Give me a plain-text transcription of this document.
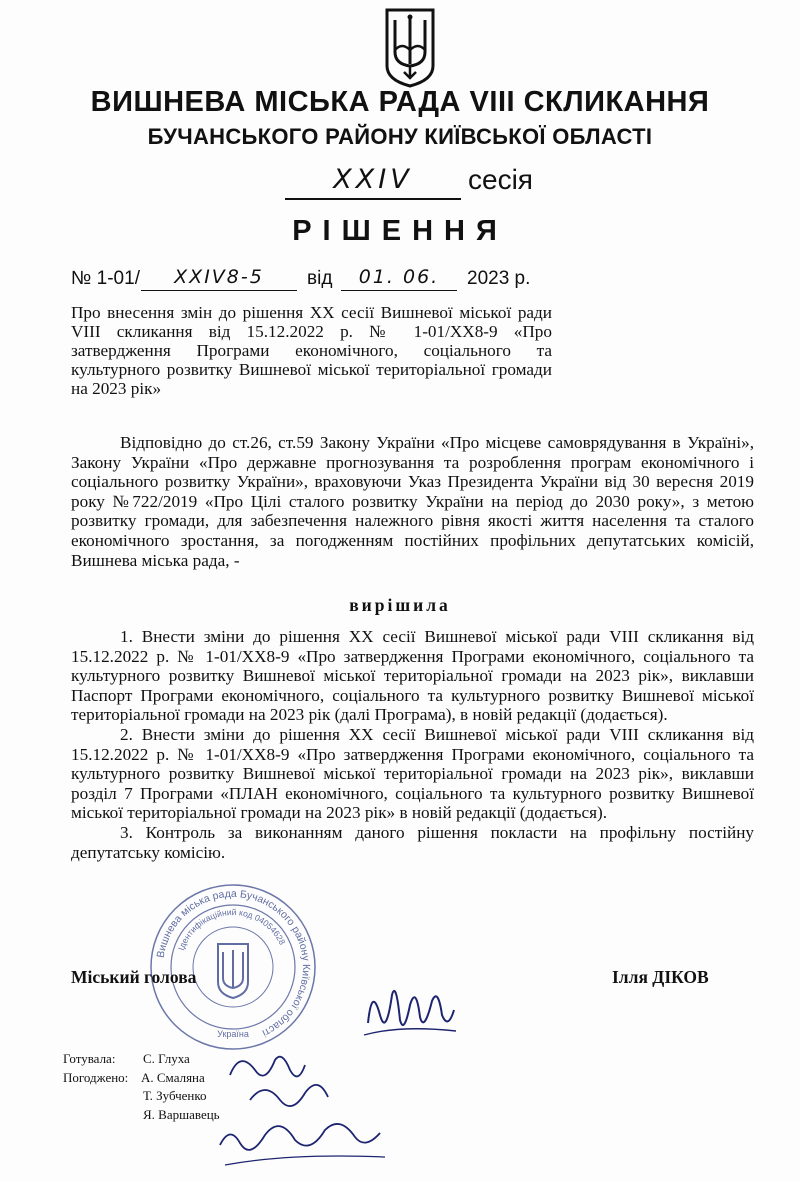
ВИШНЕВА МІСЬКА РАДА VIII СКЛИКАННЯ
БУЧАНСЬКОГО РАЙОНУ КИЇВСЬКОЇ ОБЛАСТІ
XXIV	сесія
РІШЕННЯ
№ 1-01/	XXIV8-5	від	01. 06.	2023 р.
Про внесення змін до рішення XX сесії Вишневої міської ради VIII скликання від 15.12.2022 р. № 1-01/XX8-9 «Про затвердження Програми економічного, соціального та культурного розвитку Вишневої міської територіальної громади на 2023 рік»
Відповідно до ст.26, ст.59 Закону України «Про місцеве самоврядування в Україні», Закону України «Про державне прогнозування та розроблення програм економічного і соціального розвитку України», враховуючи Указ Президента України від 30 вересня 2019 року №722/2019 «Про Цілі сталого розвитку України на період до 2030 року», з метою розвитку громади, для забезпечення належного рівня якості життя населення та сталого економічного зростання, за погодженням постійних профільних депутатських комісій, Вишнева міська рада, -
вирішила

1. Внести зміни до рішення XX сесії Вишневої міської ради VIII скликання від 15.12.2022 р. № 1-01/XX8-9 «Про затвердження Програми економічного, соціального та культурного розвитку Вишневої міської територіальної громади на 2023 рік», виклавши Паспорт Програми економічного, соціального та культурного розвитку Вишневої міської територіальної громади на 2023 рік (далі Програма), в новій редакції (додається).

2. Внести зміни до рішення XX сесії Вишневої міської ради VIII скликання від 15.12.2022 р. № 1-01/XX8-9 «Про затвердження Програми економічного, соціального та культурного розвитку Вишневої міської територіальної громади на 2023 рік», виклавши розділ 7 Програми «ПЛАН економічного, соціального та культурного розвитку Вишневої міської територіальної громади на 2023 рік» в новій редакції (додається).

3. Контроль за виконанням даного рішення покласти на профільну постійну депутатську комісію.

Вишнева міська рада Бучанського району Київської області
Ідентифікаційний код 04054628
Україна
Міський голова	Ілля ДІКОВ
Готувала: С. Глуха
Погоджено: А. Смаляна
Т. Зубченко
Я. Варшавець
